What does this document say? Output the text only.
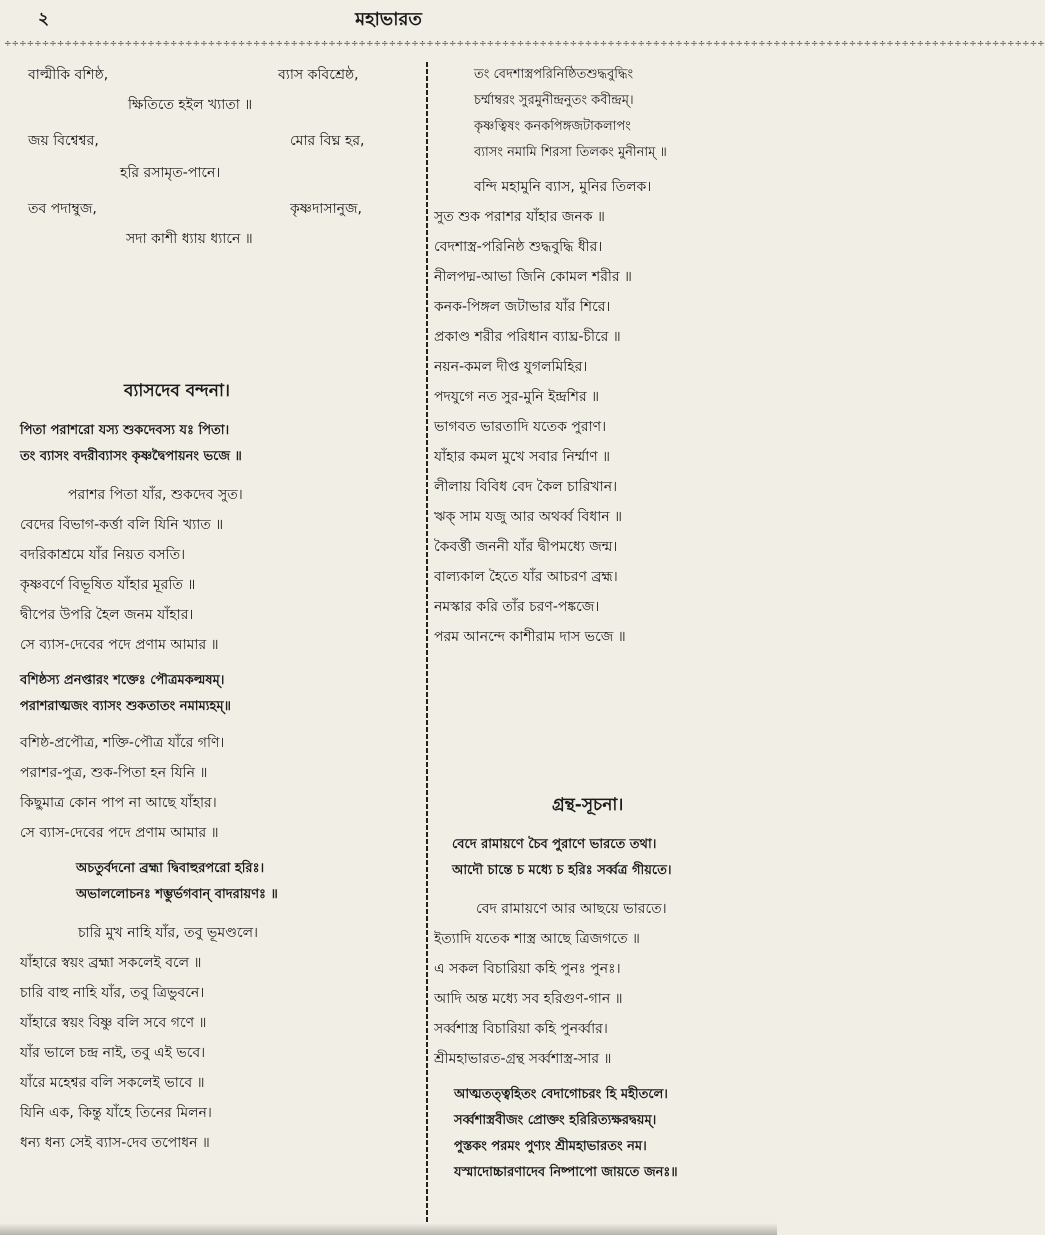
২	মহাভারত
÷÷÷÷÷÷÷÷÷÷÷÷÷÷÷÷÷÷÷÷÷÷÷÷÷÷÷÷÷÷÷÷÷÷÷÷÷÷÷÷÷÷÷÷÷÷÷÷÷÷÷÷÷÷÷÷÷÷÷÷÷÷÷÷÷÷÷÷÷÷÷÷÷÷÷÷÷÷÷÷÷÷÷÷÷÷÷÷÷÷÷÷÷÷÷÷÷÷÷÷÷÷÷÷÷÷÷÷÷÷÷÷÷÷÷÷÷÷÷÷÷÷÷÷÷÷÷÷÷÷÷÷÷÷÷÷÷÷
বাল্মীকি বশিষ্ঠ,	ব্যাস কবিশ্রেষ্ঠ,
ক্ষিতিতে হইল খ্যাতা ॥
জয় বিশ্বেশ্বর,	মোর বিঘ্ন হর,
হরি রসামৃত-পানে।
তব পদাম্বুজ,	কৃষ্ণদাসানুজ,
সদা কাশী ধ্যায় ধ্যানে ॥
ব্যাসদেব বন্দনা।
পিতা পরাশরো যস্য শুকদেবস্য যঃ পিতা।
তং ব্যাসং বদরীব্যাসং কৃষ্ণদ্বৈপায়নং ভজে ॥
পরাশর পিতা যাঁর, শুকদেব সুত।
বেদের বিভাগ-কর্ত্তা বলি যিনি খ্যাত ॥
বদরিকাশ্রমে যাঁর নিয়ত বসতি।
কৃষ্ণবর্ণে বিভূষিত যাঁহার মূরতি ॥
দ্বীপের উপরি হৈল জনম যাঁহার।
সে ব্যাস-দেবের পদে প্রণাম আমার ॥
বশিষ্ঠস্য প্রনপ্তারং শক্তেঃ পৌত্রমকল্মষম্।
পরাশরাত্মজং ব্যাসং শুকতাতং নমাম্যহম্॥
বশিষ্ঠ-প্রপৌত্র, শক্তি-পৌত্র যাঁরে গণি।
পরাশর-পুত্র, শুক-পিতা হন যিনি ॥
কিছুমাত্র কোন পাপ না আছে যাঁহার।
সে ব্যাস-দেবের পদে প্রণাম আমার ॥
অচতুর্বদনো ব্রহ্মা দ্বিবাহুরপরো হরিঃ।
অভাললোচনঃ শম্ভুর্ভগবান্ বাদরায়ণঃ ॥
চারি মুখ নাহি যাঁর, তবু ভূমণ্ডলে।
যাঁহারে স্বয়ং ব্রহ্মা সকলেই বলে ॥
চারি বাহু নাহি যাঁর, তবু ত্রিভুবনে।
যাঁহারে স্বয়ং বিষ্ণু বলি সবে গণে ॥
যাঁর ভালে চন্দ্র নাই, তবু এই ভবে।
যাঁরে মহেশ্বর বলি সকলেই ভাবে ॥
যিনি এক, কিন্তু যাঁহে তিনের মিলন।
ধন্য ধন্য সেই ব্যাস-দেব তপোধন ॥
তং বেদশাস্ত্রপরিনিষ্ঠিতশুদ্ধবুদ্ধিং
চর্ম্মাম্বরং সুরমুনীন্দ্রনুতং কবীন্দ্রম্।
কৃষ্ণত্বিষং কনকপিঙ্গজটাকলাপং
ব্যাসং নমামি শিরসা তিলকং মুনীনাম্ ॥
বন্দি মহামুনি ব্যাস, মুনির তিলক।
সুত শুক পরাশর যাঁহার জনক ॥
বেদশাস্ত্র-পরিনিষ্ঠ শুদ্ধবুদ্ধি ধীর।
নীলপদ্ম-আভা জিনি কোমল শরীর ॥
কনক-পিঙ্গল জটাভার যাঁর শিরে।
প্রকাণ্ড শরীর পরিধান ব্যাঘ্র-চীরে ॥
নয়ন-কমল দীপ্ত যুগলমিহির।
পদযুগে নত সুর-মুনি ইন্দ্রশির ॥
ভাগবত ভারতাদি যতেক পুরাণ।
যাঁহার কমল মুখে সবার নির্ম্মাণ ॥
লীলায় বিবিধ বেদ কৈল চারিখান।
ঋক্ সাম যজু আর অথর্ব্ব বিধান ॥
কৈবর্ত্তী জননী যাঁর দ্বীপমধ্যে জন্ম।
বাল্যকাল হৈতে যাঁর আচরণ ব্রহ্ম।
নমস্কার করি তাঁর চরণ-পঙ্কজে।
পরম আনন্দে কাশীরাম দাস ভজে ॥
গ্রন্থ-সূচনা।
বেদে রামায়ণে চৈব পুরাণে ভারতে তথা।
আদৌ চান্তে চ মধ্যে চ হরিঃ সর্ব্বত্র গীয়তে।
বেদ রামায়ণে আর আছয়ে ভারতে।
ইত্যাদি যতেক শাস্ত্র আছে ত্রিজগতে ॥
এ সকল বিচারিয়া কহি পুনঃ পুনঃ।
আদি অন্ত মধ্যে সব হরিগুণ-গান ॥
সর্ব্বশাস্ত্র বিচারিয়া কহি পুনর্ব্বার।
শ্রীমহাভারত-গ্রন্থ সর্ব্বশাস্ত্র-সার ॥
আত্মতত্ত্বহিতং বেদাগোচরং হি মহীতলে।
সর্ব্বশাস্ত্রবীজং প্রোক্তং হরিরিত্যক্ষরদ্বয়ম্।
পুস্তকং পরমং পুণ্যং শ্রীমহাভারতং নম।
যস্মাদোচ্চারণাদেব নিষ্পাপো জায়তে জনঃ॥
